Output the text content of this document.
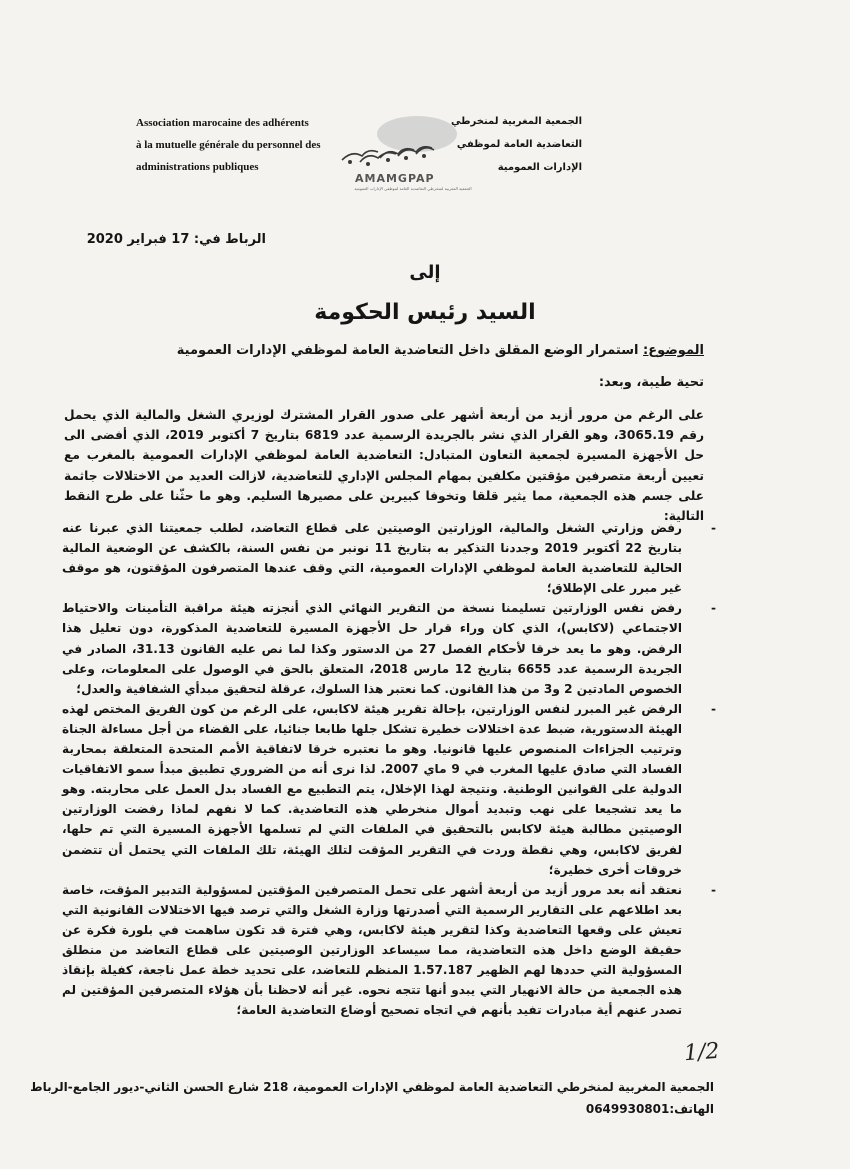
Association marocaine des adhérents
à la mutuelle générale du personnel des
administrations publiques
AMAMGPAP
الجمعية المغربية لمنخرطي التعاضدية العامة لموظفي الإدارات العمومية
الجمعية المغربية لمنخرطي
التعاضدية العامة لموظفي
الإدارات العمومية
الرباط في: 17 فبراير 2020
إلى
السيد رئيس الحكومة
الموضوع: استمرار الوضع المقلق داخل التعاضدية العامة لموظفي الإدارات العمومية
تحية طيبة، وبعد:

على الرغم من مرور أزيد من أربعة أشهر على صدور القرار المشترك لوزيري الشغل والمالية الذي يحمل رقم 3065.19، وهو القرار الذي نشر بالجريدة الرسمية عدد 6819 بتاريخ 7 أكتوبر 2019، الذي أفضى الى حل الأجهزة المسيرة لجمعية التعاون المتبادل: التعاضدية العامة لموظفي الإدارات العمومية بالمغرب مع تعيين أربعة متصرفين مؤقتين مكلفين بمهام المجلس الإداري للتعاضدية، لازالت العديد من الاختلالات جاثمة على جسم هذه الجمعية، مما يثير قلقا وتخوفا كبيرين على مصيرها السليم. وهو ما حثّنا على طرح النقط التالية:

-
رفض وزارتي الشغل والمالية، الوزارتين الوصيتين على قطاع التعاضد، لطلب جمعيتنا الذي عبرنا عنه بتاريخ 22 أكتوبر 2019 وجددنا التذكير به بتاريخ 11 نونبر من نفس السنة، بالكشف عن الوضعية المالية الحالية للتعاضدية العامة لموظفي الإدارات العمومية، التي وقف عندها المتصرفون المؤقتون، هو موقف غير مبرر على الإطلاق؛
-
رفض نفس الوزارتين تسليمنا نسخة من التقرير النهائي الذي أنجزته هيئة مراقبة التأمينات والاحتياط الاجتماعي (لاكابس)، الذي كان وراء قرار حل الأجهزة المسيرة للتعاضدية المذكورة، دون تعليل هذا الرفض. وهو ما يعد خرقا لأحكام الفصل 27 من الدستور وكذا لما نص عليه القانون 31.13، الصادر في الجريدة الرسمية عدد 6655 بتاريخ 12 مارس 2018، المتعلق بالحق في الوصول على المعلومات، وعلى الخصوص المادتين 2 و3 من هذا القانون. كما نعتبر هذا السلوك، عرقلة لتحقيق مبدأي الشفافية والعدل؛
-
الرفض غير المبرر لنفس الوزارتين، بإحالة تقرير هيئة لاكابس، على الرغم من كون الفريق المختص لهذه الهيئة الدستورية، ضبط عدة اختلالات خطيرة تشكل جلها طابعا جنائيا، على القضاء من أجل مساءلة الجناة وترتيب الجزاءات المنصوص عليها قانونيا. وهو ما نعتبره خرقا لاتفاقية الأمم المتحدة المتعلقة بمحاربة الفساد التي صادق عليها المغرب في 9 ماي 2007. لذا نرى أنه من الضروري تطبيق مبدأ سمو الاتفاقيات الدولية على القوانين الوطنية. ونتيجة لهذا الإخلال، يتم التطبيع مع الفساد بدل العمل على محاربته. وهو ما يعد تشجيعا على نهب وتبديد أموال منخرطي هذه التعاضدية. كما لا نفهم لماذا رفضت الوزارتين الوصيتين مطالبة هيئة لاكابس بالتحقيق في الملفات التي لم تسلمها الأجهزة المسيرة التي تم حلها، لفريق لاكابس، وهي نقطة وردت في التقرير المؤقت لتلك الهيئة، تلك الملفات التي يحتمل أن تتضمن خروقات أخرى خطيرة؛
-
نعتقد أنه بعد مرور أزيد من أربعة أشهر على تحمل المتصرفين المؤقتين لمسؤولية التدبير المؤقت، خاصة بعد اطلاعهم على التقارير الرسمية التي أصدرتها وزارة الشغل والتي ترصد فيها الاختلالات القانونية التي تعيش على وقعها التعاضدية وكذا لتقرير هيئة لاكابس، وهي فترة قد تكون ساهمت في بلورة فكرة عن حقيقة الوضع داخل هذه التعاضدية، مما سيساعد الوزارتين الوصيتين على قطاع التعاضد من منطلق المسؤولية التي حددها لهم الظهير 1.57.187 المنظم للتعاضد، على تحديد خطة عمل ناجعة، كفيلة بإنقاذ هذه الجمعية من حالة الانهيار التي يبدو أنها تتجه نحوه. غير أنه لاحظنا بأن هؤلاء المتصرفين المؤقتين لم تصدر عنهم أية مبادرات تفيد بأنهم في اتجاه تصحيح أوضاع التعاضدية العامة؛
1/2
الجمعية المغربية لمنخرطي التعاضدية العامة لموظفي الإدارات العمومية، 218 شارع الحسن الثاني-ديور الجامع-الرباط
الهاتف:0649930801
